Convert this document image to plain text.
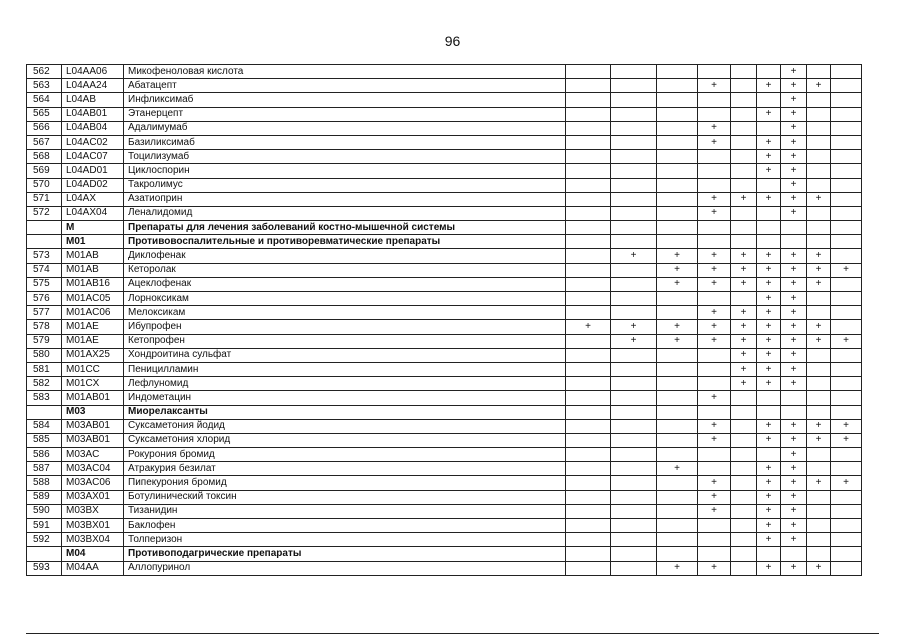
96
562	L04AA06	Микофеноловая кислота							+		
563	L04AA24	Абатацепт				+		+	+	+	
564	L04AB	Инфликсимаб							+		
565	L04AB01	Этанерцепт						+	+		
566	L04AB04	Адалимумаб				+			+		
567	L04AC02	Базиликсимаб				+		+	+		
568	L04AC07	Тоцилизумаб						+	+		
569	L04AD01	Циклоспорин						+	+		
570	L04AD02	Такролимус							+		
571	L04AX	Азатиоприн				+	+	+	+	+	
572	L04AX04	Леналидомид				+			+		
	M	Препараты для лечения заболеваний костно-мышечной системы									
	M01	Противовоспалительные и противоревматические препараты									
573	M01AB	Диклофенак		+	+	+	+	+	+	+	
574	M01AB	Кеторолак			+	+	+	+	+	+	+
575	M01AB16	Ацеклофенак			+	+	+	+	+	+	
576	M01AC05	Лорноксикам						+	+		
577	M01AC06	Мелоксикам				+	+	+	+		
578	M01AE	Ибупрофен	+	+	+	+	+	+	+	+	
579	M01AE	Кетопрофен		+	+	+	+	+	+	+	+
580	M01AX25	Хондроитина сульфат					+	+	+		
581	M01CC	Пеницилламин					+	+	+		
582	M01CX	Лефлуномид					+	+	+		
583	M01AB01	Индометацин				+					
	M03	Миорелаксанты									
584	M03AB01	Суксаметония йодид				+		+	+	+	+
585	M03AB01	Суксаметония хлорид				+		+	+	+	+
586	M03AC	Рокурония бромид							+		
587	M03AC04	Атракурия безилат			+			+	+		
588	M03AC06	Пипекурония бромид				+		+	+	+	+
589	M03AX01	Ботулинический токсин				+		+	+		
590	M03BX	Тизанидин				+		+	+		
591	M03BX01	Баклофен						+	+		
592	M03BX04	Толперизон						+	+		
	M04	Противоподагрические препараты									
593	M04AA	Аллопуринол			+	+		+	+	+	
